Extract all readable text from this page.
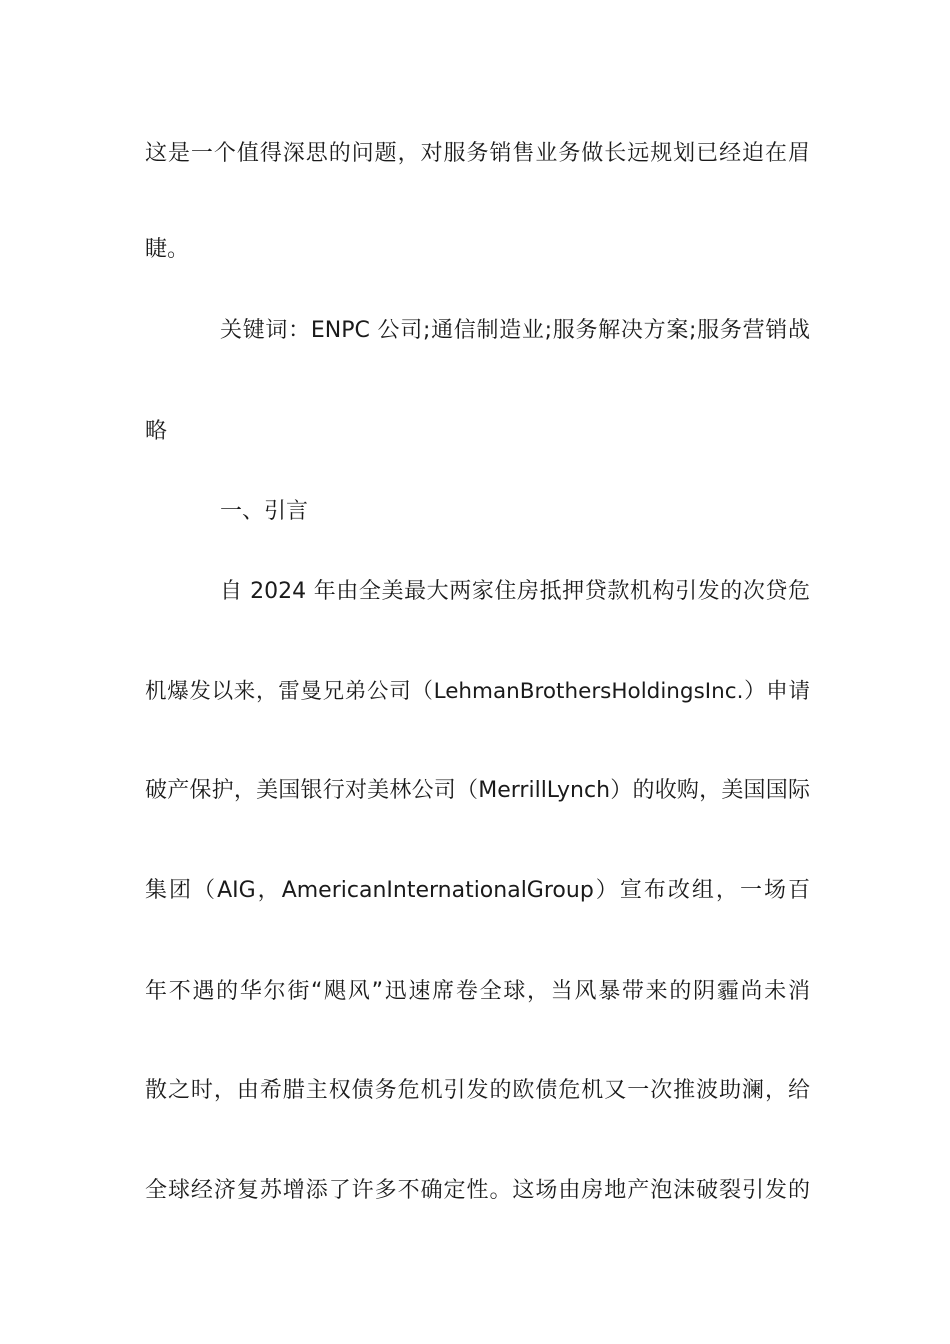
这是一个值得深思的问题，对服务销售业务做长远规划已经迫在眉
睫。
关键词：ENPC 公司;通信制造业;服务解决方案;服务营销战
略
一、引言
自 2024 年由全美最大两家住房抵押贷款机构引发的次贷危
机爆发以来，雷曼兄弟公司（LehmanBrothersHoldingsInc.）申请
破产保护，美国银行对美林公司（MerrillLynch）的收购，美国国际
集团（AIG，AmericanInternationalGroup）宣布改组，一场百
年不遇的华尔街“飓风”迅速席卷全球，当风暴带来的阴霾尚未消
散之时，由希腊主权债务危机引发的欧债危机又一次推波助澜，给
全球经济复苏增添了许多不确定性。这场由房地产泡沫破裂引发的
